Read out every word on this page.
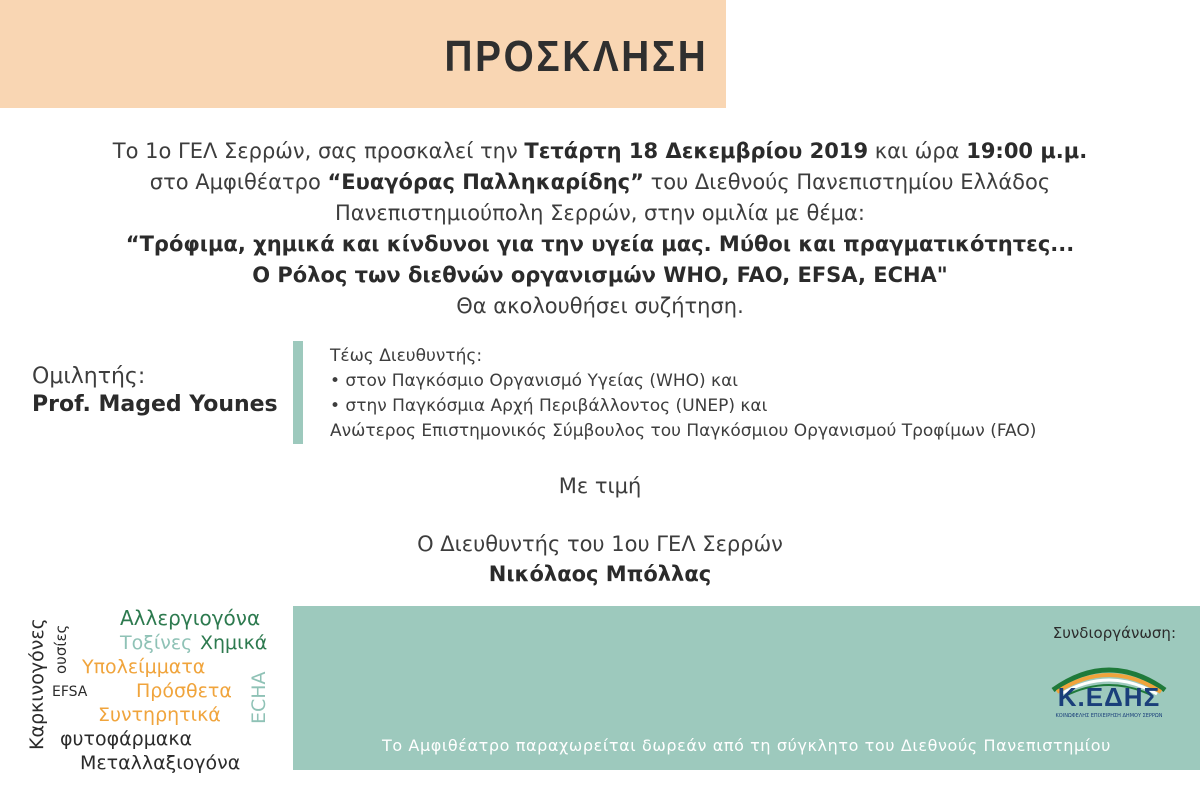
ΠΡΟΣΚΛΗΣΗ
Το 1ο ΓΕΛ Σερρών, σας προσκαλεί την Τετάρτη 18 Δεκεμβρίου 2019 και ώρα 19:00 μ.μ.
στο Αμφιθέατρο “Ευαγόρας Παλληκαρίδης” του Διεθνούς Πανεπιστημίου Ελλάδος
Πανεπιστημιούπολη Σερρών, στην ομιλία με θέμα:
“Τρόφιμα, χημικά και κίνδυνοι για την υγεία μας. Μύθοι και πραγματικότητες...
Ο Ρόλος των διεθνών οργανισμών WHO, FAO, EFSA, ECHA"
Θα ακολουθήσει συζήτηση.
Ομιλητής:
Prof. Maged Younes
Τέως Διευθυντής:
• στον Παγκόσμιο Οργανισμό Υγείας (WHO) και
• στην Παγκόσμια Αρχή Περιβάλλοντος (UNEP) και
Ανώτερος Επιστημονικός Σύμβουλος του Παγκόσμιου Οργανισμού Τροφίμων (FAO)
Με τιμή
Ο Διευθυντής του 1ου ΓΕΛ Σερρών
Νικόλαος Μπόλλας
Αλλεργιογόνα
Τοξίνες Χημικά
Υπολείμματα
EFSA	Πρόσθετα
Συντηρητικά
φυτοφάρμακα
Μεταλλαξιογόνα
Καρκινογόνες ουσίες
ECHA
Συνδιοργάνωση:
Κ.ΕΔΗΣ
ΚΟΙΝΩΦΕΛΗΣ ΕΠΙΧΕΙΡΗΣΗ ΔΗΜΟΥ ΣΕΡΡΩΝ
Το Αμφιθέατρο παραχωρείται δωρεάν από τη σύγκλητο του Διεθνούς Πανεπιστημίου
